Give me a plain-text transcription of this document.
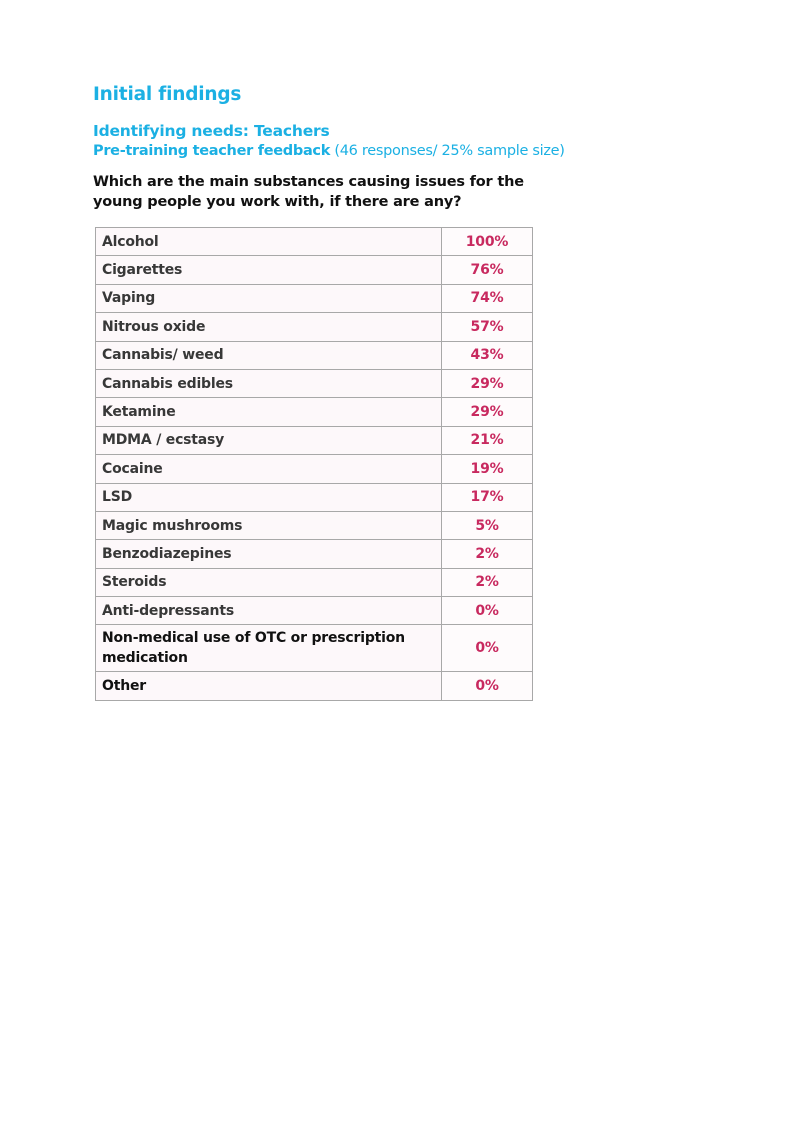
Initial findings
Identifying needs: Teachers
Pre-training teacher feedback (46 responses/ 25% sample size)

Which are the main substances causing issues for the young people you work with, if there are any?

Alcohol	100%
Cigarettes	76%
Vaping	74%
Nitrous oxide	57%
Cannabis/ weed	43%
Cannabis edibles	29%
Ketamine	29%
MDMA / ecstasy	21%
Cocaine	19%
LSD	17%
Magic mushrooms	5%
Benzodiazepines	2%
Steroids	2%
Anti-depressants	0%
Non-medical use of OTC or prescription medication	0%
Other	0%
